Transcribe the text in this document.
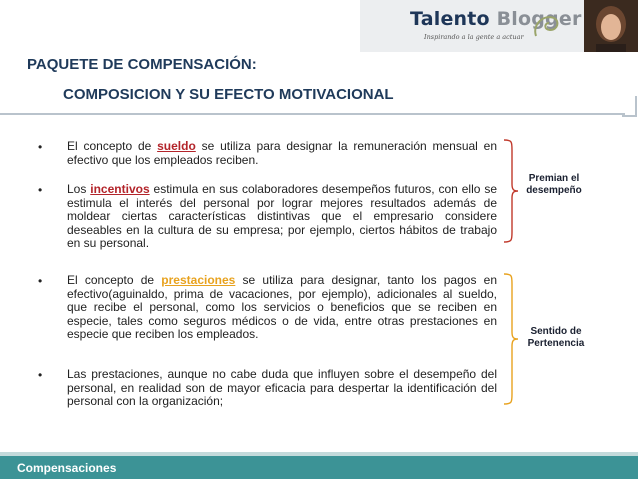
Talento Blogger
Inspirando a la gente a actuar
PAQUETE DE COMPENSACIÓN:
COMPOSICION Y SU EFECTO MOTIVACIONAL
• El concepto de sueldo se utiliza para designar la remuneración mensual en efectivo que los empleados reciben.
• Los incentivos estimula en sus colaboradores desempeños futuros, con ello se estimula el interés del personal por lograr mejores resultados además de moldear ciertas características distintivas que el empresario considere deseables en la cultura de su empresa; por ejemplo, ciertos hábitos de trabajo en su personal.
• El concepto de prestaciones se utiliza para designar, tanto los pagos en efectivo(aguinaldo, prima de vacaciones, por ejemplo), adicionales al sueldo, que recibe el personal, como los servicios o beneficios que se reciben en especie, tales como seguros médicos o de vida, entre otras prestaciones en especie que reciben los empleados.
• Las prestaciones, aunque no cabe duda que influyen sobre el desempeño del personal, en realidad son de mayor eficacia para despertar la identificación del personal con la organización;
Premian el
desempeño
Sentido de
Pertenencia
Compensaciones
